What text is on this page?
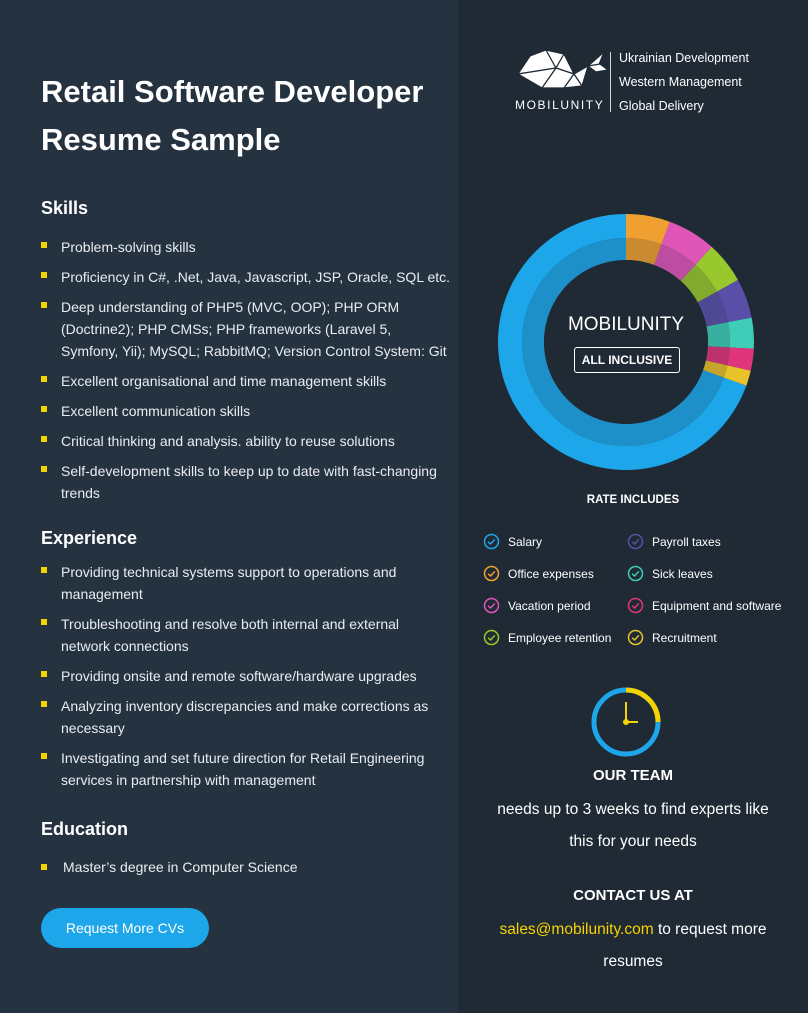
Retail Software Developer Resume Sample
Skills
Problem-solving skills
Proficiency in C#, .Net, Java, Javascript, JSP, Oracle, SQL etc.
Deep understanding of PHP5 (MVC, OOP); PHP ORM (Doctrine2); PHP CMSs; PHP frameworks (Laravel 5, Symfony, Yii); MySQL; RabbitMQ; Version Control System: Git
Excellent organisational and time management skills
Excellent communication skills
Critical thinking and analysis. ability to reuse solutions
Self-development skills to keep up to date with fast-changing trends
Experience
Providing technical systems support to operations and management
Troubleshooting and resolve both internal and external network connections
Providing onsite and remote software/hardware upgrades
Analyzing inventory discrepancies and make corrections as necessary
Investigating and set future direction for Retail Engineering services in partnership with management
Education
Master’s degree in Computer Science
Request More CVs
MOBILUNITY
Ukrainian Development
Western Management
Global Delivery
MOBILUNITY
ALL INCLUSIVE
RATE INCLUDES
Salary	Payroll taxes
Office expenses	Sick leaves
Vacation period	Equipment and software
Employee retention	Recruitment
OUR TEAM
needs up to 3 weeks to find experts like this for your needs
CONTACT US AT
sales@mobilunity.com to request more resumes
